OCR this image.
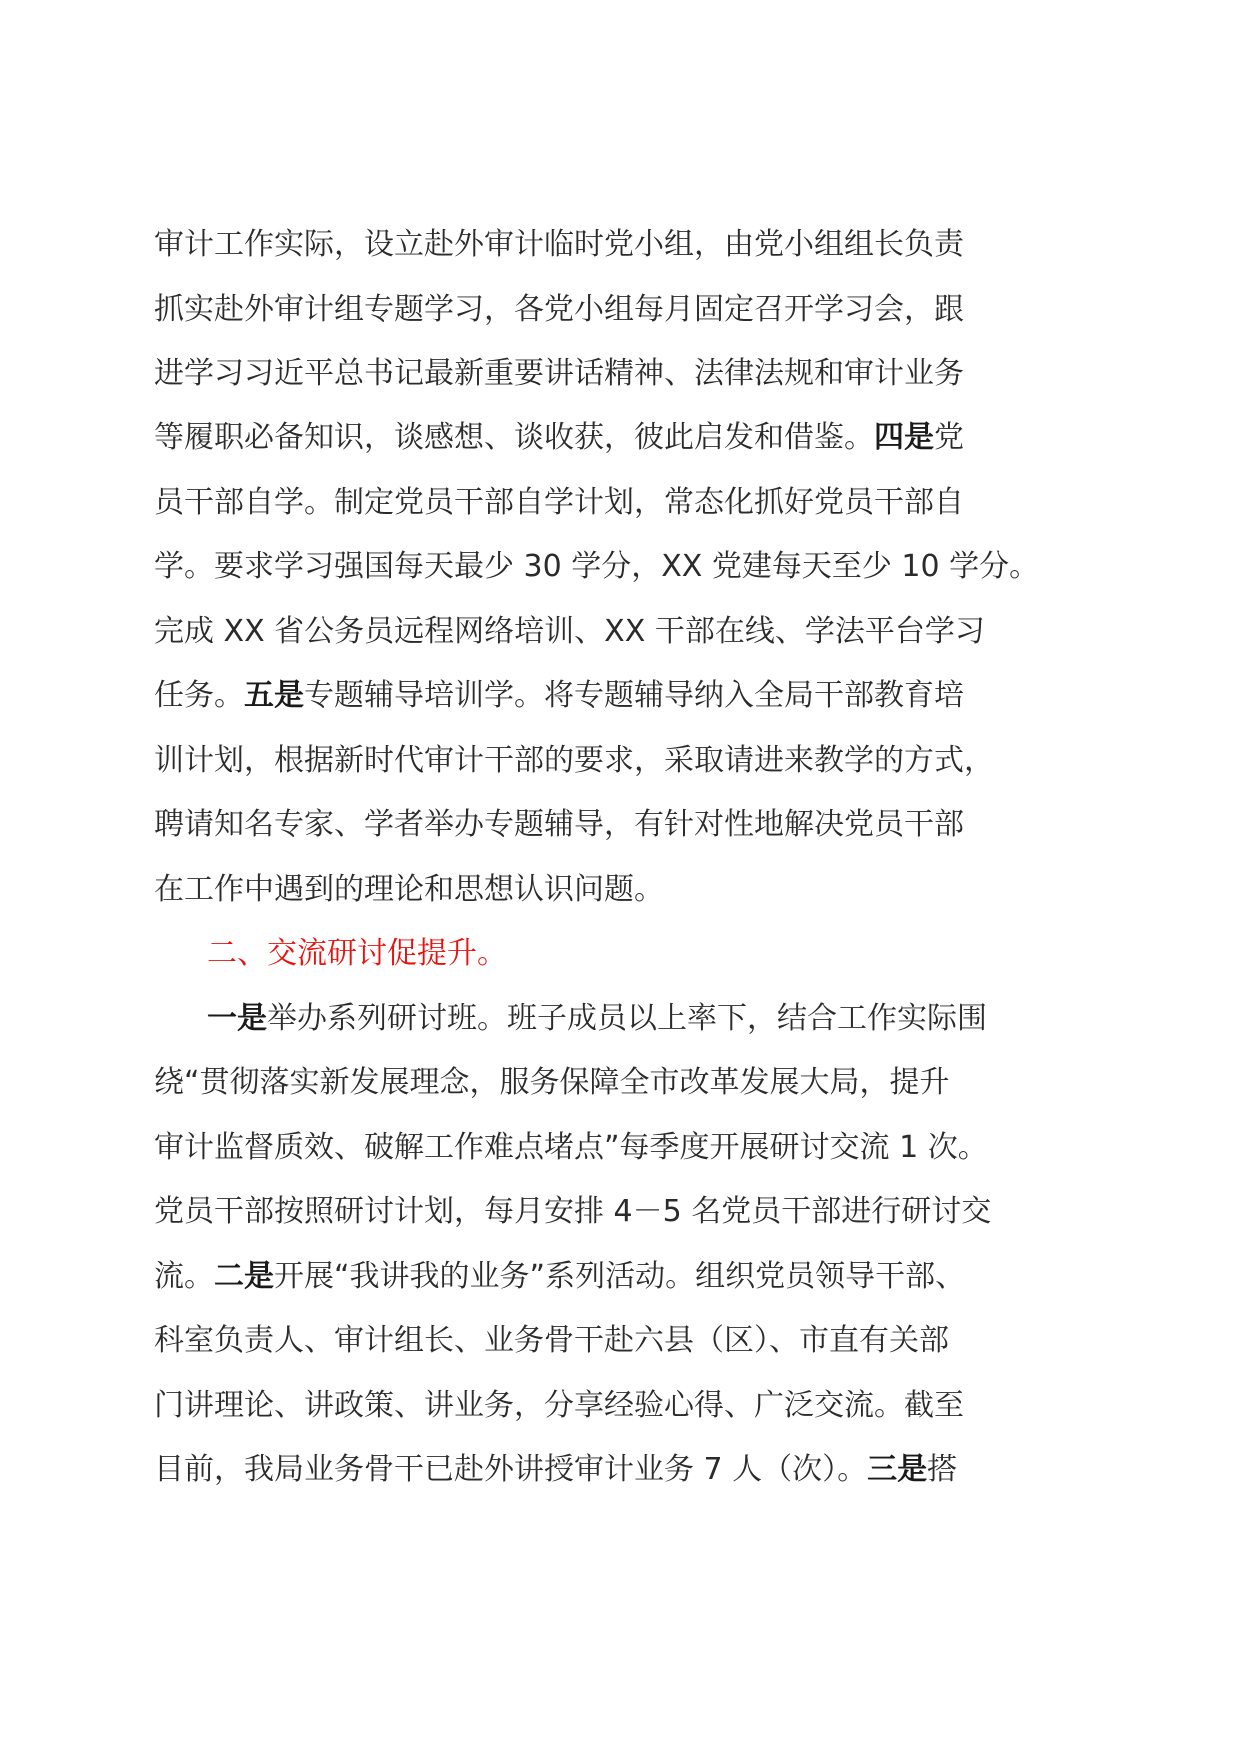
审计工作实际，设立赴外审计临时党小组，由党小组组长负责
抓实赴外审计组专题学习，各党小组每月固定召开学习会，跟
进学习习近平总书记最新重要讲话精神、法律法规和审计业务
等履职必备知识，谈感想、谈收获，彼此启发和借鉴。四是党
员干部自学。制定党员干部自学计划，常态化抓好党员干部自
学。要求学习强国每天最少 30 学分，XX 党建每天至少 10 学分。
完成 XX 省公务员远程网络培训、XX 干部在线、学法平台学习
任务。五是专题辅导培训学。将专题辅导纳入全局干部教育培
训计划，根据新时代审计干部的要求，采取请进来教学的方式，
聘请知名专家、学者举办专题辅导，有针对性地解决党员干部
在工作中遇到的理论和思想认识问题。
二、交流研讨促提升。
一是举办系列研讨班。班子成员以上率下，结合工作实际围
绕“贯彻落实新发展理念，服务保障全市改革发展大局，提升
审计监督质效、破解工作难点堵点”每季度开展研讨交流 1 次。
党员干部按照研讨计划，每月安排 4－5 名党员干部进行研讨交
流。二是开展“我讲我的业务”系列活动。组织党员领导干部、
科室负责人、审计组长、业务骨干赴六县（区）、市直有关部
门讲理论、讲政策、讲业务，分享经验心得、广泛交流。截至
目前，我局业务骨干已赴外讲授审计业务 7 人（次）。三是搭
